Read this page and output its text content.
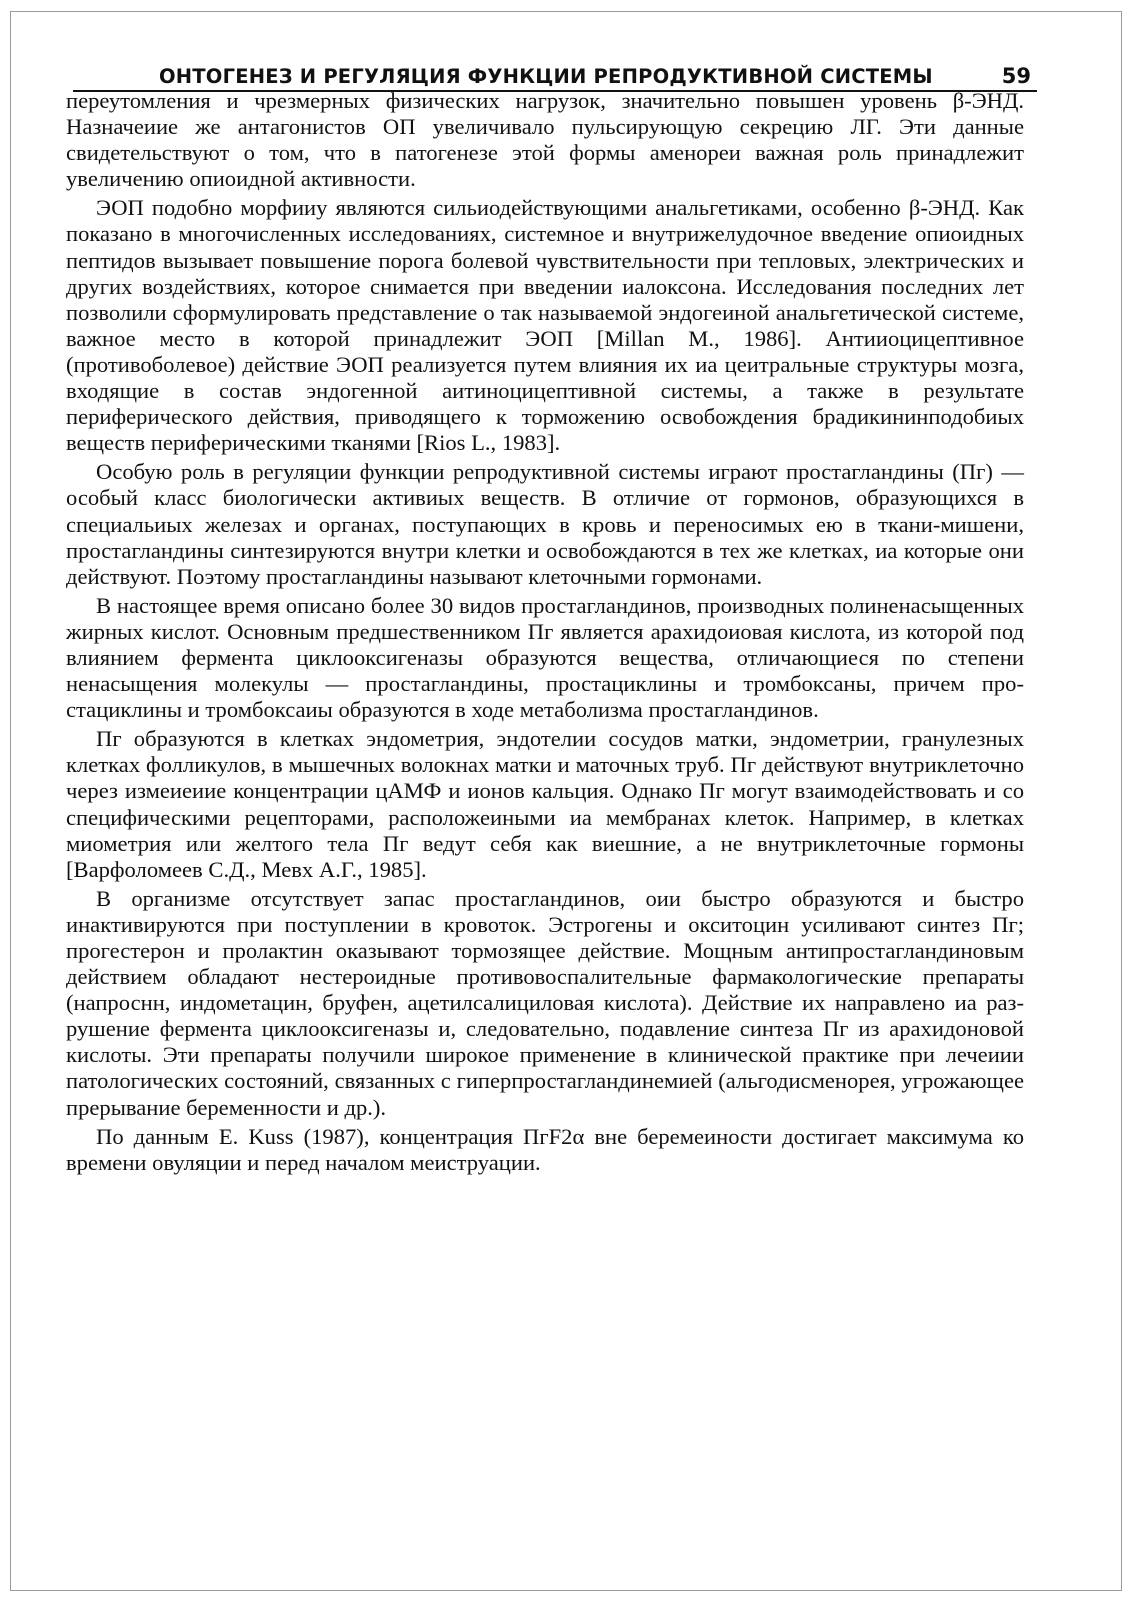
ОНТОГЕНЕЗ И РЕГУЛЯЦИЯ ФУНКЦИИ РЕПРОДУКТИВНОЙ СИСТЕМЫ	59

переутомления и чрезмерных физических нагрузок, значительно повышен уровень β-ЭНД. Назначеиие же антагонистов ОП увеличивало пульсирующую секрецию ЛГ. Эти данные свидетельствуют о том, что в патогенезе этой формы аменореи важная роль принадлежит увеличению опиоидной активности.

ЭОП подобно морфииу являются сильиодействующими анальгетиками, особенно β-ЭНД. Как показано в многочисленных исследованиях, системное и внутрижелудочное введение опиоидных пептидов вызывает повышение порога болевой чувствительности при тепловых, электрических и других воздействиях, которое снимается при введении иалоксона. Исследования последних лет позволили сформулировать представление о так называемой эндогеиной анальгетической системе, важное место в которой принадлежит ЭОП [Millan M., 1986]. Антииоцицептивное (противоболевое) действие ЭОП реализуется путем влияния их иа цеитральные структуры мозга, входящие в состав эндогенной аитиноцицептивной системы, а также в результате периферического действия, приводящего к торможению освобождения брадикининподобиых веществ периферическими тканями [Rios L., 1983].

Особую роль в регуляции функции репродуктивной системы играют простагландины (Пг) — особый класс биологически активиых веществ. В отличие от гормонов, образующихся в специальиых железах и органах, поступающих в кровь и переносимых ею в ткани-мишени, простагландины синтезируются внутри клетки и освобождаются в тех же клетках, иа которые они действуют. Поэтому простагландины называют клеточными гормонами.

В настоящее время описано более 30 видов простагландинов, производных полиненасыщенных жирных кислот. Основным предшественником Пг является арахидоиовая кислота, из которой под влиянием фермента циклооксигеназы образуются вещества, отличающиеся по степени ненасыщения молекулы — простагландины, простациклины и тромбоксаны, причем простациклины и тромбоксаиы образуются в ходе метаболизма простагландинов.

Пг образуются в клетках эндометрия, эндотелии сосудов матки, эндометрии, гранулезных клетках фолликулов, в мышечных волокнах матки и маточных труб. Пг действуют внутриклеточно через измеиеиие концентрации цАМФ и ионов кальция. Однако Пг могут взаимодействовать и со специфическими рецепторами, расположеиными иа мембранах клеток. Например, в клетках миометрия или желтого тела Пг ведут себя как виешние, а не внутриклеточные гормоны [Варфоломеев С.Д., Мевх А.Г., 1985].

В организме отсутствует запас простагландинов, оии быстро образуются и быстро инактивируются при поступлении в кровоток. Эстрогены и окситоцин усиливают синтез Пг; прогестерон и пролактин оказывают тормозящее действие. Мощным антипростагландиновым действием обладают нестероидные противовоспалительные фармакологические препараты (напроснн, индометацин, бруфен, ацетилсалициловая кислота). Действие их направлено иа разрушение фермента циклооксигеназы и, следовательно, подавление синтеза Пг из арахидоновой кислоты. Эти препараты получили широкое применение в клинической практике при лечеиии патологических состояний, связанных с гиперпростагландинемией (альгодисменорея, угрожающее прерывание беременности и др.).

По данным E. Kuss (1987), концентрация ПгF2α вне беремеиности достигает максимума ко времени овуляции и перед началом меиструации.
